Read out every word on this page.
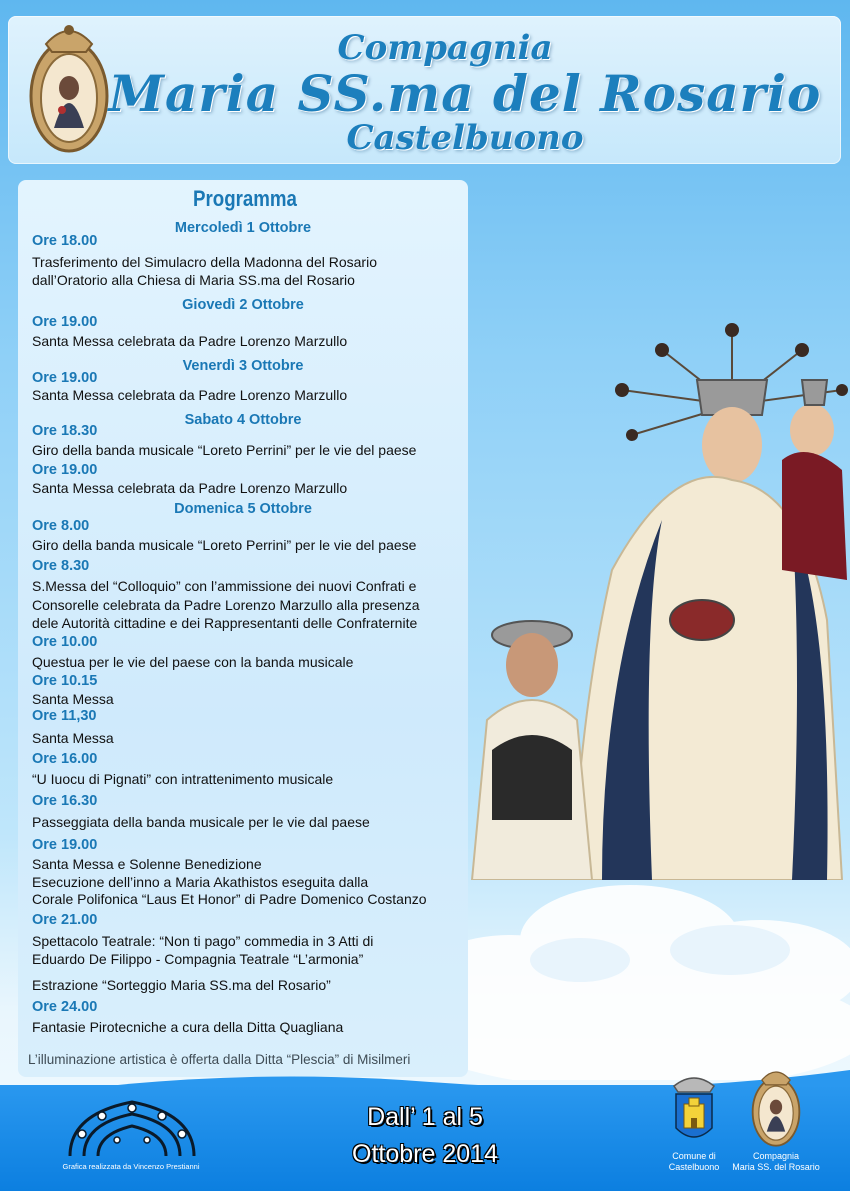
Compagnia
Maria SS.ma del Rosario
Castelbuono
Programma
Mercoledì 1 Ottobre
Ore 18.00
Trasferimento del Simulacro della Madonna del Rosario
dall’Oratorio alla Chiesa di Maria SS.ma del Rosario
Giovedì 2 Ottobre
Ore 19.00
Santa Messa celebrata da Padre Lorenzo Marzullo
Venerdì 3 Ottobre
Ore 19.00
Santa Messa celebrata da Padre Lorenzo Marzullo
Sabato 4 Ottobre
Ore 18.30
Giro della banda musicale “Loreto Perrini” per le vie del paese
Ore 19.00
Santa Messa celebrata da Padre Lorenzo Marzullo
Domenica 5 Ottobre
Ore 8.00
Giro della banda musicale “Loreto Perrini” per le vie del paese
Ore 8.30
S.Messa del “Colloquio” con l’ammissione dei nuovi Confrati e
Consorelle celebrata da Padre Lorenzo Marzullo alla presenza
dele Autorità cittadine e dei Rappresentanti delle Confraternite
Ore 10.00
Questua per le vie del paese con la banda musicale
Ore 10.15
Santa Messa
Ore 11,30
Santa Messa
Ore 16.00
“U Iuocu di Pignati” con intrattenimento musicale
Ore 16.30
Passeggiata della banda musicale per le vie dal paese
Ore 19.00
Santa Messa e Solenne Benedizione
Esecuzione dell’inno a Maria Akathistos eseguita dalla
Corale Polifonica “Laus Et Honor” di Padre Domenico Costanzo
Ore 21.00
Spettacolo Teatrale: “Non ti pago” commedia in 3 Atti di
Eduardo De Filippo - Compagnia Teatrale “L’armonia”
Estrazione “Sorteggio Maria SS.ma del Rosario”
Ore 24.00
Fantasie Pirotecniche a cura della Ditta Quagliana
L’illuminazione artistica è offerta dalla Ditta “Plescia” di Misilmeri
Grafica realizzata da Vincenzo Prestianni
Dall’ 1 al 5
Ottobre 2014	Comune di
Castelbuono
Compagnia
Maria SS. del Rosario
